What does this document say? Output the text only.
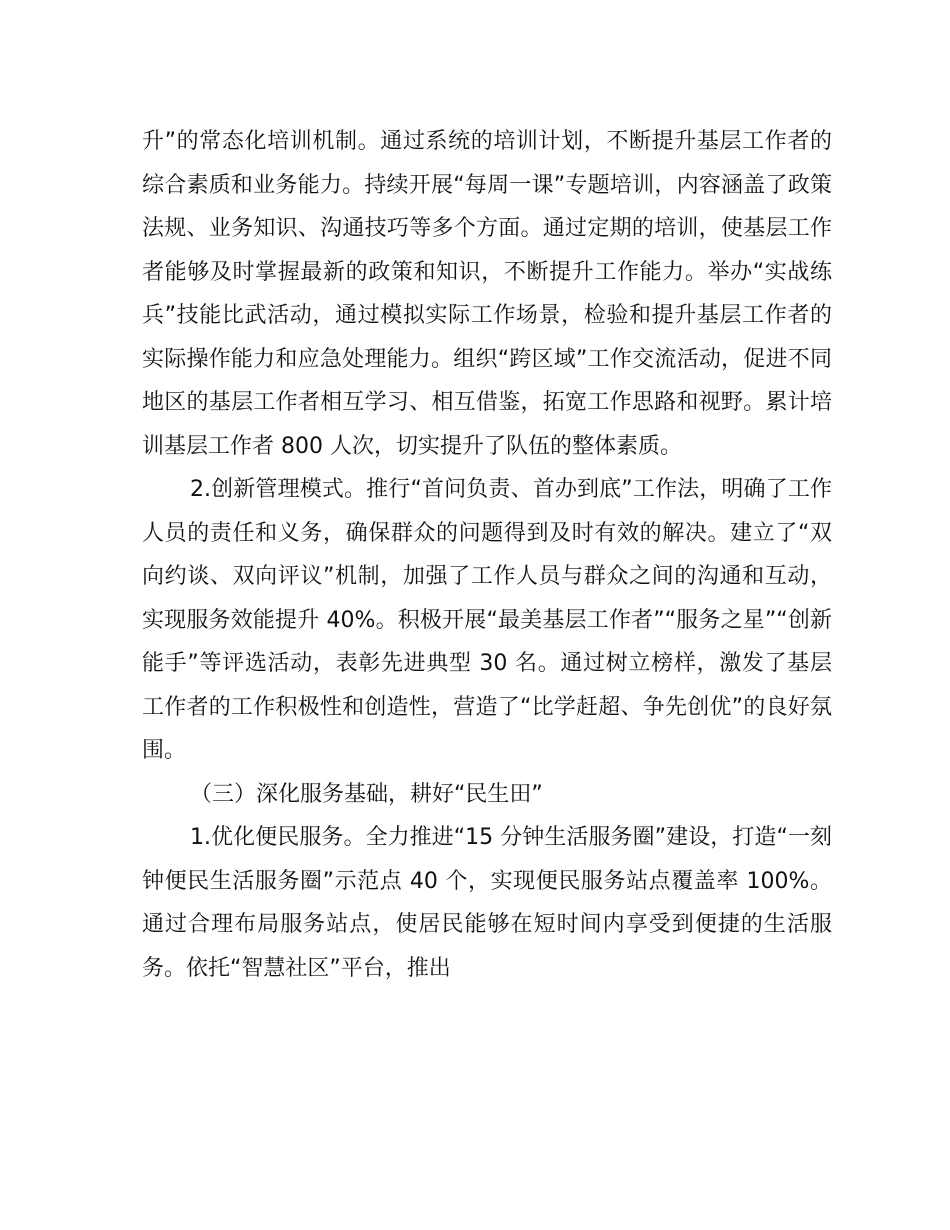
升”的常态化培训机制。通过系统的培训计划，不断提升基层工作者的综合素质和业务能力。持续开展“每周一课”专题培训，内容涵盖了政策法规、业务知识、沟通技巧等多个方面。通过定期的培训，使基层工作者能够及时掌握最新的政策和知识，不断提升工作能力。举办“实战练兵”技能比武活动，通过模拟实际工作场景，检验和提升基层工作者的实际操作能力和应急处理能力。组织“跨区域”工作交流活动，促进不同地区的基层工作者相互学习、相互借鉴，拓宽工作思路和视野。累计培训基层工作者 800 人次，切实提升了队伍的整体素质。

2.创新管理模式。推行“首问负责、首办到底”工作法，明确了工作人员的责任和义务，确保群众的问题得到及时有效的解决。建立了“双向约谈、双向评议”机制，加强了工作人员与群众之间的沟通和互动，实现服务效能提升 40%。积极开展“最美基层工作者”“服务之星”“创新能手”等评选活动，表彰先进典型 30 名。通过树立榜样，激发了基层工作者的工作积极性和创造性，营造了“比学赶超、争先创优”的良好氛围。

（三）深化服务基础，耕好“民生田”

1.优化便民服务。全力推进“15 分钟生活服务圈”建设，打造“一刻钟便民生活服务圈”示范点 40 个，实现便民服务站点覆盖率 100%。通过合理布局服务站点，使居民能够在短时间内享受到便捷的生活服务。依托“智慧社区”平台，推出
